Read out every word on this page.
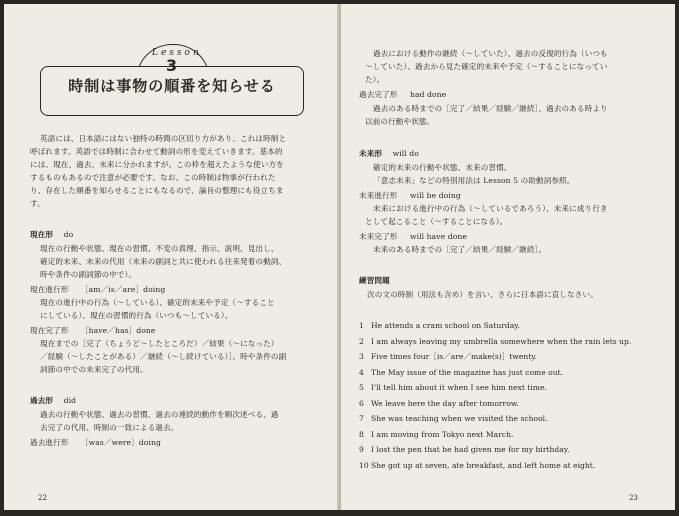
時制は事物の順番を知らせる
Lesson
3
英語には、日本語にはない独特の時間の区切り方があり、これは時制と
呼ばれます。英語では時制に合わせて動詞の形を変えていきます。基本的
には、現在、過去、未来に分かれますが、この枠を超えたような使い方を
するものもあるので注意が必要です。なお、この時制は物事が行われた
り、存在した順番を知らせることにもなるので、論旨の整理にも役立ちま
す。
現在形 do
現在の行動や状態、現在の習慣、不変の真理、指示、説明、見出し、
確定的未来、未来の代用（未来の副詞と共に使われる往来発着の動詞、
時や条件の副詞節の中で）。
現在進行形 ［am／is／are］doing
現在の進行中の行為（～している）、確定的未来や予定（～すること
にしている）、現在の習慣的行為（いつも～している）。
現在完了形 ［have／has］done
現在までの［完了（ちょうど～したところだ）／結果（～になった）
／経験（～したことがある）／継続（～し続けている）］、時や条件の副
詞節の中での未来完了の代用。
過去形 did
過去の行動や状態、過去の習慣、過去の連続的動作を順次述べる、過
去完了の代用、時制の一致による過去。
過去進行形 ［was／were］doing
22
過去における動作の継続（～していた）、過去の反復的行為（いつも
～していた）、過去から見た確定的未来や予定（～することになってい
た）。
過去完了形 had done
過去のある時までの［完了／結果／経験／継続］、過去のある時より
以前の行動や状態。
未来形 will do
確定的未来の行動や状態、未来の習慣。
「意志未来」などの特別用法は Lesson 5 の助動詞参照。
未来進行形 will be doing
未来における進行中の行為（～しているであろう）、未来に成り行き
として起こること（～することになる）。
未来完了形 will have done
未来のある時までの［完了／結果／経験／継続］。
練習問題
次の文の時制（用法も含め）を言い、さらに日本語に直しなさい。
1 He attends a cram school on Saturday.
2 I am always leaving my umbrella somewhere when the rain lets up.
3 Five times four［is／are／make(s)］twenty.
4 The May issue of the magazine has just come out.
5 I'll tell him about it when I see him next time.
6 We leave here the day after tomorrow.
7 She was teaching when we visited the school.
8 I am moving from Tokyo next March.
9 I lost the pen that he had given me for my birthday.
10 She got up at seven, ate breakfast, and left home at eight.
23
